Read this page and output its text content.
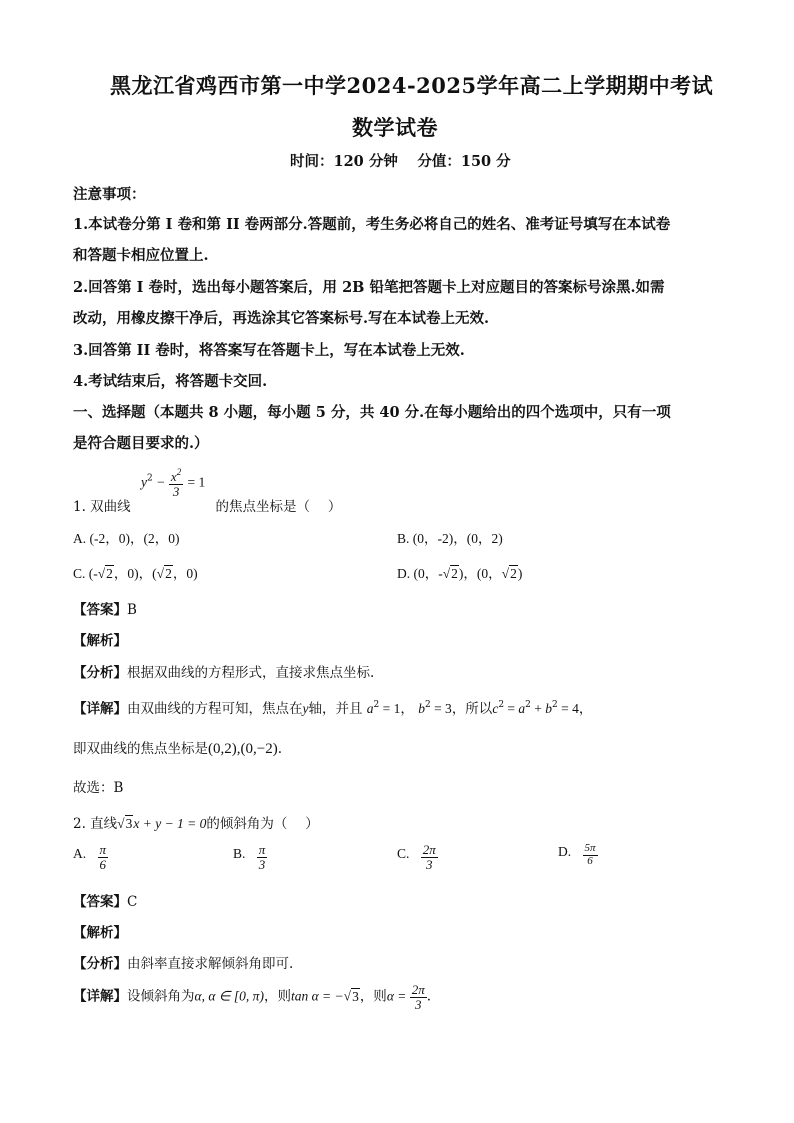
黑龙江省鸡西市第一中学2024-2025学年高二上学期期中考试
数学试卷
时间：120 分钟　 分值：150 分
注意事项：
1.本试卷分第 I 卷和第 II 卷两部分.答题前，考生务必将自己的姓名、准考证号填写在本试卷
和答题卡相应位置上.
2.回答第 I 卷时，选出每小题答案后，用 2B 铅笔把答题卡上对应题目的答案标号涂黑.如需
改动，用橡皮擦干净后，再选涂其它答案标号.写在本试卷上无效.
3.回答第 II 卷时，将答案写在答题卡上，写在本试卷上无效.
4.考试结束后，将答题卡交回.
一、选择题（本题共 8 小题，每小题 5 分，共 40 分.在每小题给出的四个选项中，只有一项
是符合题目要求的.）
1. 双曲线 $y^2 - \frac{x^2}{3} = 1$ 的焦点坐标是（　 ）
A. (-2，0)，(2，0)	B. (0，-2)，(0，2)
C. (-√2，0)，(√2，0)	D. (0，-√2)，(0，√2)
【答案】B
【解析】
【分析】根据双曲线的方程形式，直接求焦点坐标.
【详解】由双曲线的方程可知，焦点在y轴，并且 $a^2 = 1$， $b^2 = 3$，所以$c^2 = a^2 + b^2 = 4$，
即双曲线的焦点坐标是(0,2),(0,−2).
故选：B
2. 直线√3x + y − 1 = 0的倾斜角为（　 ）
A. $\frac{\pi}{6}$	B. $\frac{\pi}{3}$	C. $\frac{2\pi}{3}$	D. $\frac{5\pi}{6}$
【答案】C
【解析】
【分析】由斜率直接求解倾斜角即可.
【详解】设倾斜角为α, α ∈ [0, π)，则tan α = −√3，则$\alpha = \frac{2\pi}{3}$ .
